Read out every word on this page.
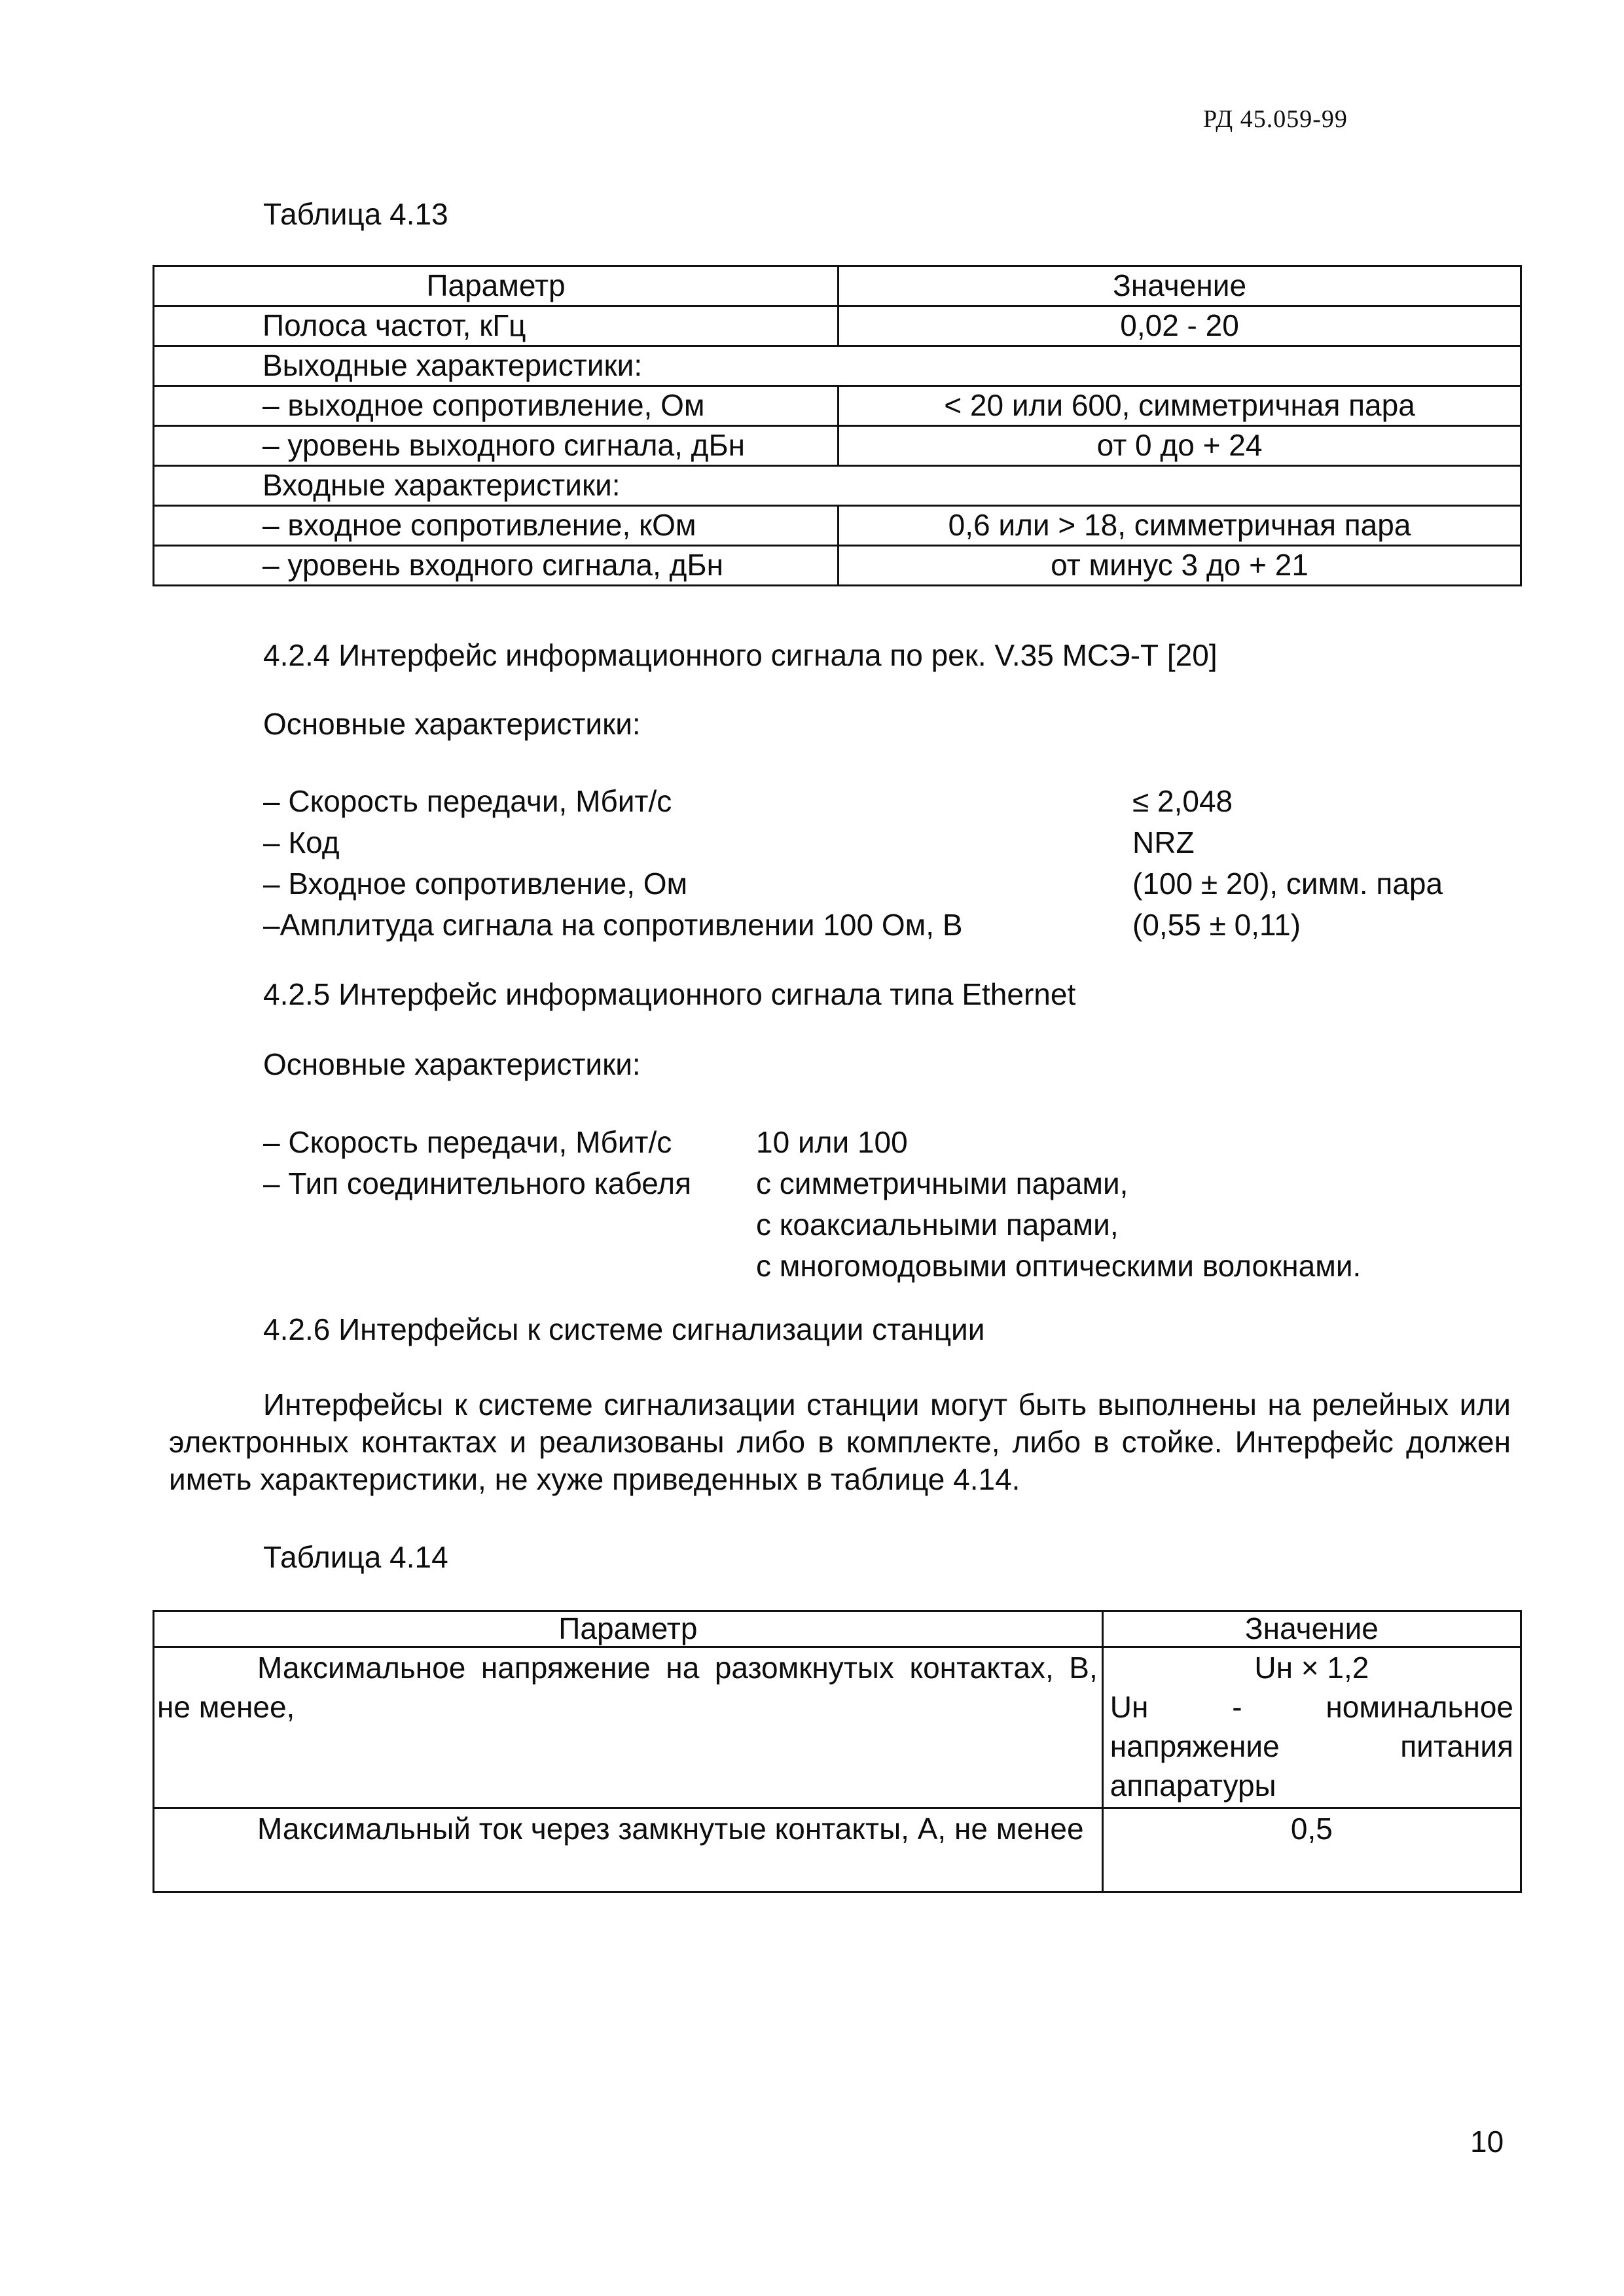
РД 45.059-99
Таблица 4.13
Параметр	Значение
Полоса частот, кГц	0,02 - 20
Выходные характеристики:	
– выходное сопротивление, Ом	< 20 или 600, симметричная пара
– уровень выходного сигнала, дБн	от 0 до + 24
Входные характеристики:	
– входное сопротивление, кОм	0,6 или > 18, симметричная пара
– уровень входного сигнала, дБн	от минус 3 до + 21
4.2.4 Интерфейс информационного сигнала по рек. V.35 МСЭ-Т [20]
Основные характеристики:
– Скорость передачи, Мбит/с	≤ 2,048
– Код	NRZ
– Входное сопротивление, Ом	(100 ± 20), симм. пара
–Амплитуда сигнала на сопротивлении 100 Ом, В	(0,55 ± 0,11)
4.2.5 Интерфейс информационного сигнала типа Ethernet
Основные характеристики:
– Скорость передачи, Мбит/с	10 или 100
– Тип соединительного кабеля с симметричными парами,
с коаксиальными парами,
с многомодовыми оптическими волокнами.
4.2.6 Интерфейсы к системе сигнализации станции
Интерфейсы к системе сигнализации станции могут быть выполнены на релейных или электронных контактах и реализованы либо в комплекте, либо в стойке. Интерфейс должен иметь характеристики, не хуже приведенных в таблице 4.14.
Таблица 4.14
Параметр	Значение
Максимальное напряжение на разомкнутых контактах, В, не менее,	Uн × 1,2
Uн - номинальное напряжение питания аппаратуры

Максимальный ток через замкнутые контакты, А, не менее	0,5
10
